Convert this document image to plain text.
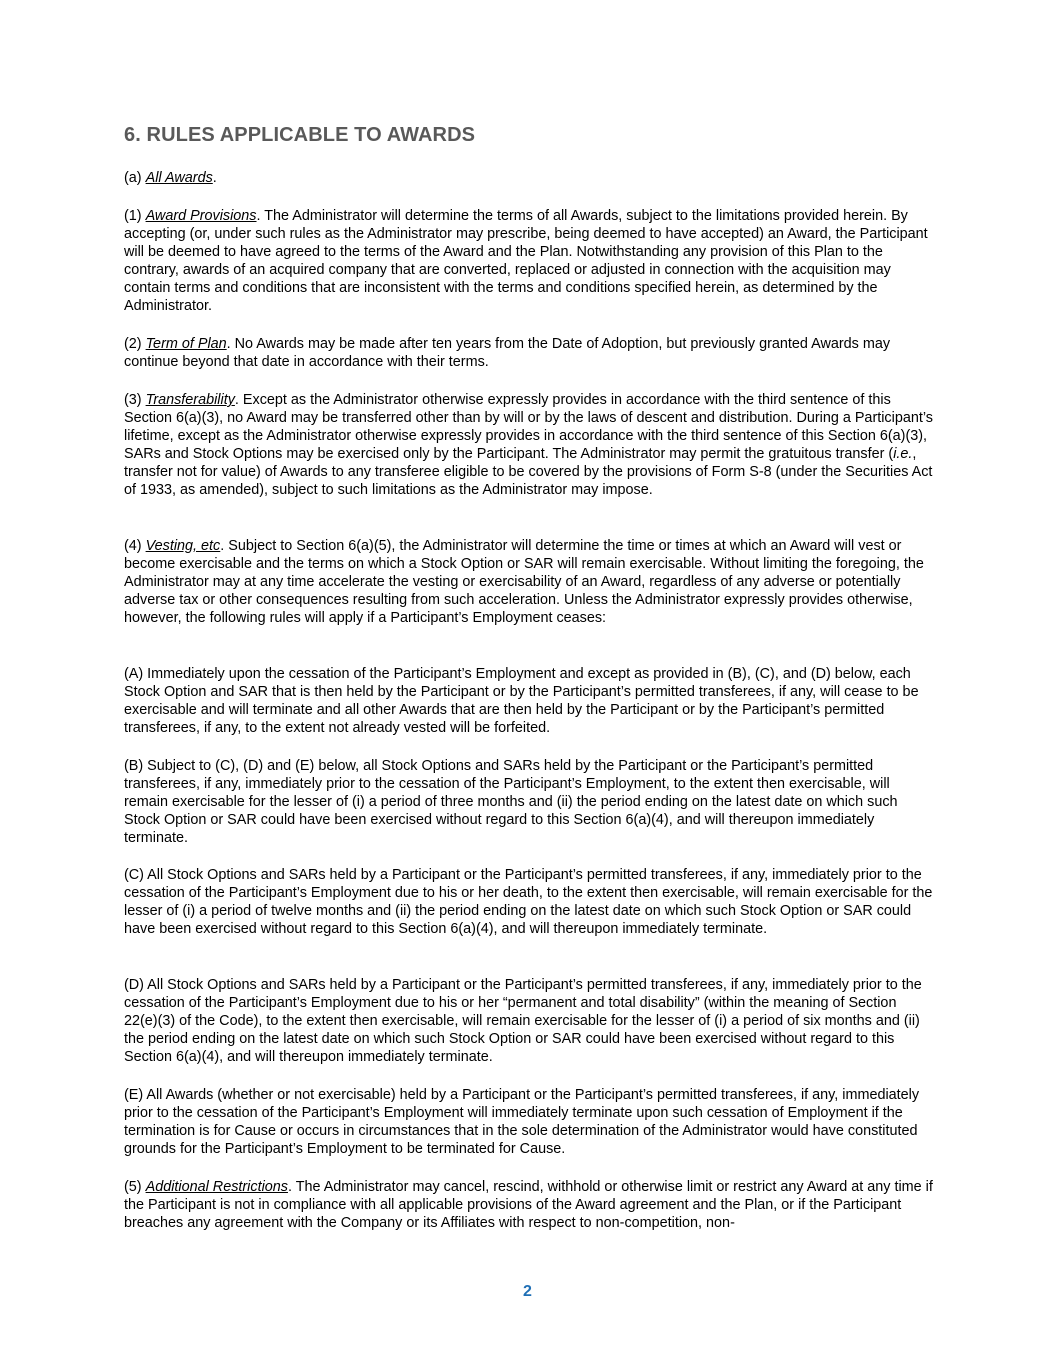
6. RULES APPLICABLE TO AWARDS

(a) All Awards.

(1) Award Provisions. The Administrator will determine the terms of all Awards, subject to the limitations provided herein. By accepting (or, under such rules as the Administrator may prescribe, being deemed to have accepted) an Award, the Participant will be deemed to have agreed to the terms of the Award and the Plan. Notwithstanding any provision of this Plan to the contrary, awards of an acquired company that are converted, replaced or adjusted in connection with the acquisition may contain terms and conditions that are inconsistent with the terms and conditions specified herein, as determined by the Administrator.

(2) Term of Plan. No Awards may be made after ten years from the Date of Adoption, but previously granted Awards may continue beyond that date in accordance with their terms.

(3) Transferability. Except as the Administrator otherwise expressly provides in accordance with the third sentence of this Section 6(a)(3), no Award may be transferred other than by will or by the laws of descent and distribution. During a Participant’s lifetime, except as the Administrator otherwise expressly provides in accordance with the third sentence of this Section 6(a)(3), SARs and Stock Options may be exercised only by the Participant. The Administrator may permit the gratuitous transfer (i.e., transfer not for value) of Awards to any transferee eligible to be covered by the provisions of Form S-8 (under the Securities Act of 1933, as amended), subject to such limitations as the Administrator may impose.

(4) Vesting, etc. Subject to Section 6(a)(5), the Administrator will determine the time or times at which an Award will vest or become exercisable and the terms on which a Stock Option or SAR will remain exercisable. Without limiting the foregoing, the Administrator may at any time accelerate the vesting or exercisability of an Award, regardless of any adverse or potentially adverse tax or other consequences resulting from such acceleration. Unless the Administrator expressly provides otherwise, however, the following rules will apply if a Participant’s Employment ceases:

(A) Immediately upon the cessation of the Participant’s Employment and except as provided in (B), (C), and (D) below, each Stock Option and SAR that is then held by the Participant or by the Participant’s permitted transferees, if any, will cease to be exercisable and will terminate and all other Awards that are then held by the Participant or by the Participant’s permitted transferees, if any, to the extent not already vested will be forfeited.

(B) Subject to (C), (D) and (E) below, all Stock Options and SARs held by the Participant or the Participant’s permitted transferees, if any, immediately prior to the cessation of the Participant’s Employment, to the extent then exercisable, will remain exercisable for the lesser of (i) a period of three months and (ii) the period ending on the latest date on which such Stock Option or SAR could have been exercised without regard to this Section 6(a)(4), and will thereupon immediately terminate.

(C) All Stock Options and SARs held by a Participant or the Participant’s permitted transferees, if any, immediately prior to the cessation of the Participant’s Employment due to his or her death, to the extent then exercisable, will remain exercisable for the lesser of (i) a period of twelve months and (ii) the period ending on the latest date on which such Stock Option or SAR could have been exercised without regard to this Section 6(a)(4), and will thereupon immediately terminate.

(D) All Stock Options and SARs held by a Participant or the Participant’s permitted transferees, if any, immediately prior to the cessation of the Participant’s Employment due to his or her “permanent and total disability” (within the meaning of Section 22(e)(3) of the Code), to the extent then exercisable, will remain exercisable for the lesser of (i) a period of six months and (ii) the period ending on the latest date on which such Stock Option or SAR could have been exercised without regard to this Section 6(a)(4), and will thereupon immediately terminate.

(E) All Awards (whether or not exercisable) held by a Participant or the Participant’s permitted transferees, if any, immediately prior to the cessation of the Participant’s Employment will immediately terminate upon such cessation of Employment if the termination is for Cause or occurs in circumstances that in the sole determination of the Administrator would have constituted grounds for the Participant’s Employment to be terminated for Cause.

(5) Additional Restrictions. The Administrator may cancel, rescind, withhold or otherwise limit or restrict any Award at any time if the Participant is not in compliance with all applicable provisions of the Award agreement and the Plan, or if the Participant breaches any agreement with the Company or its Affiliates with respect to non-competition, non-

2
